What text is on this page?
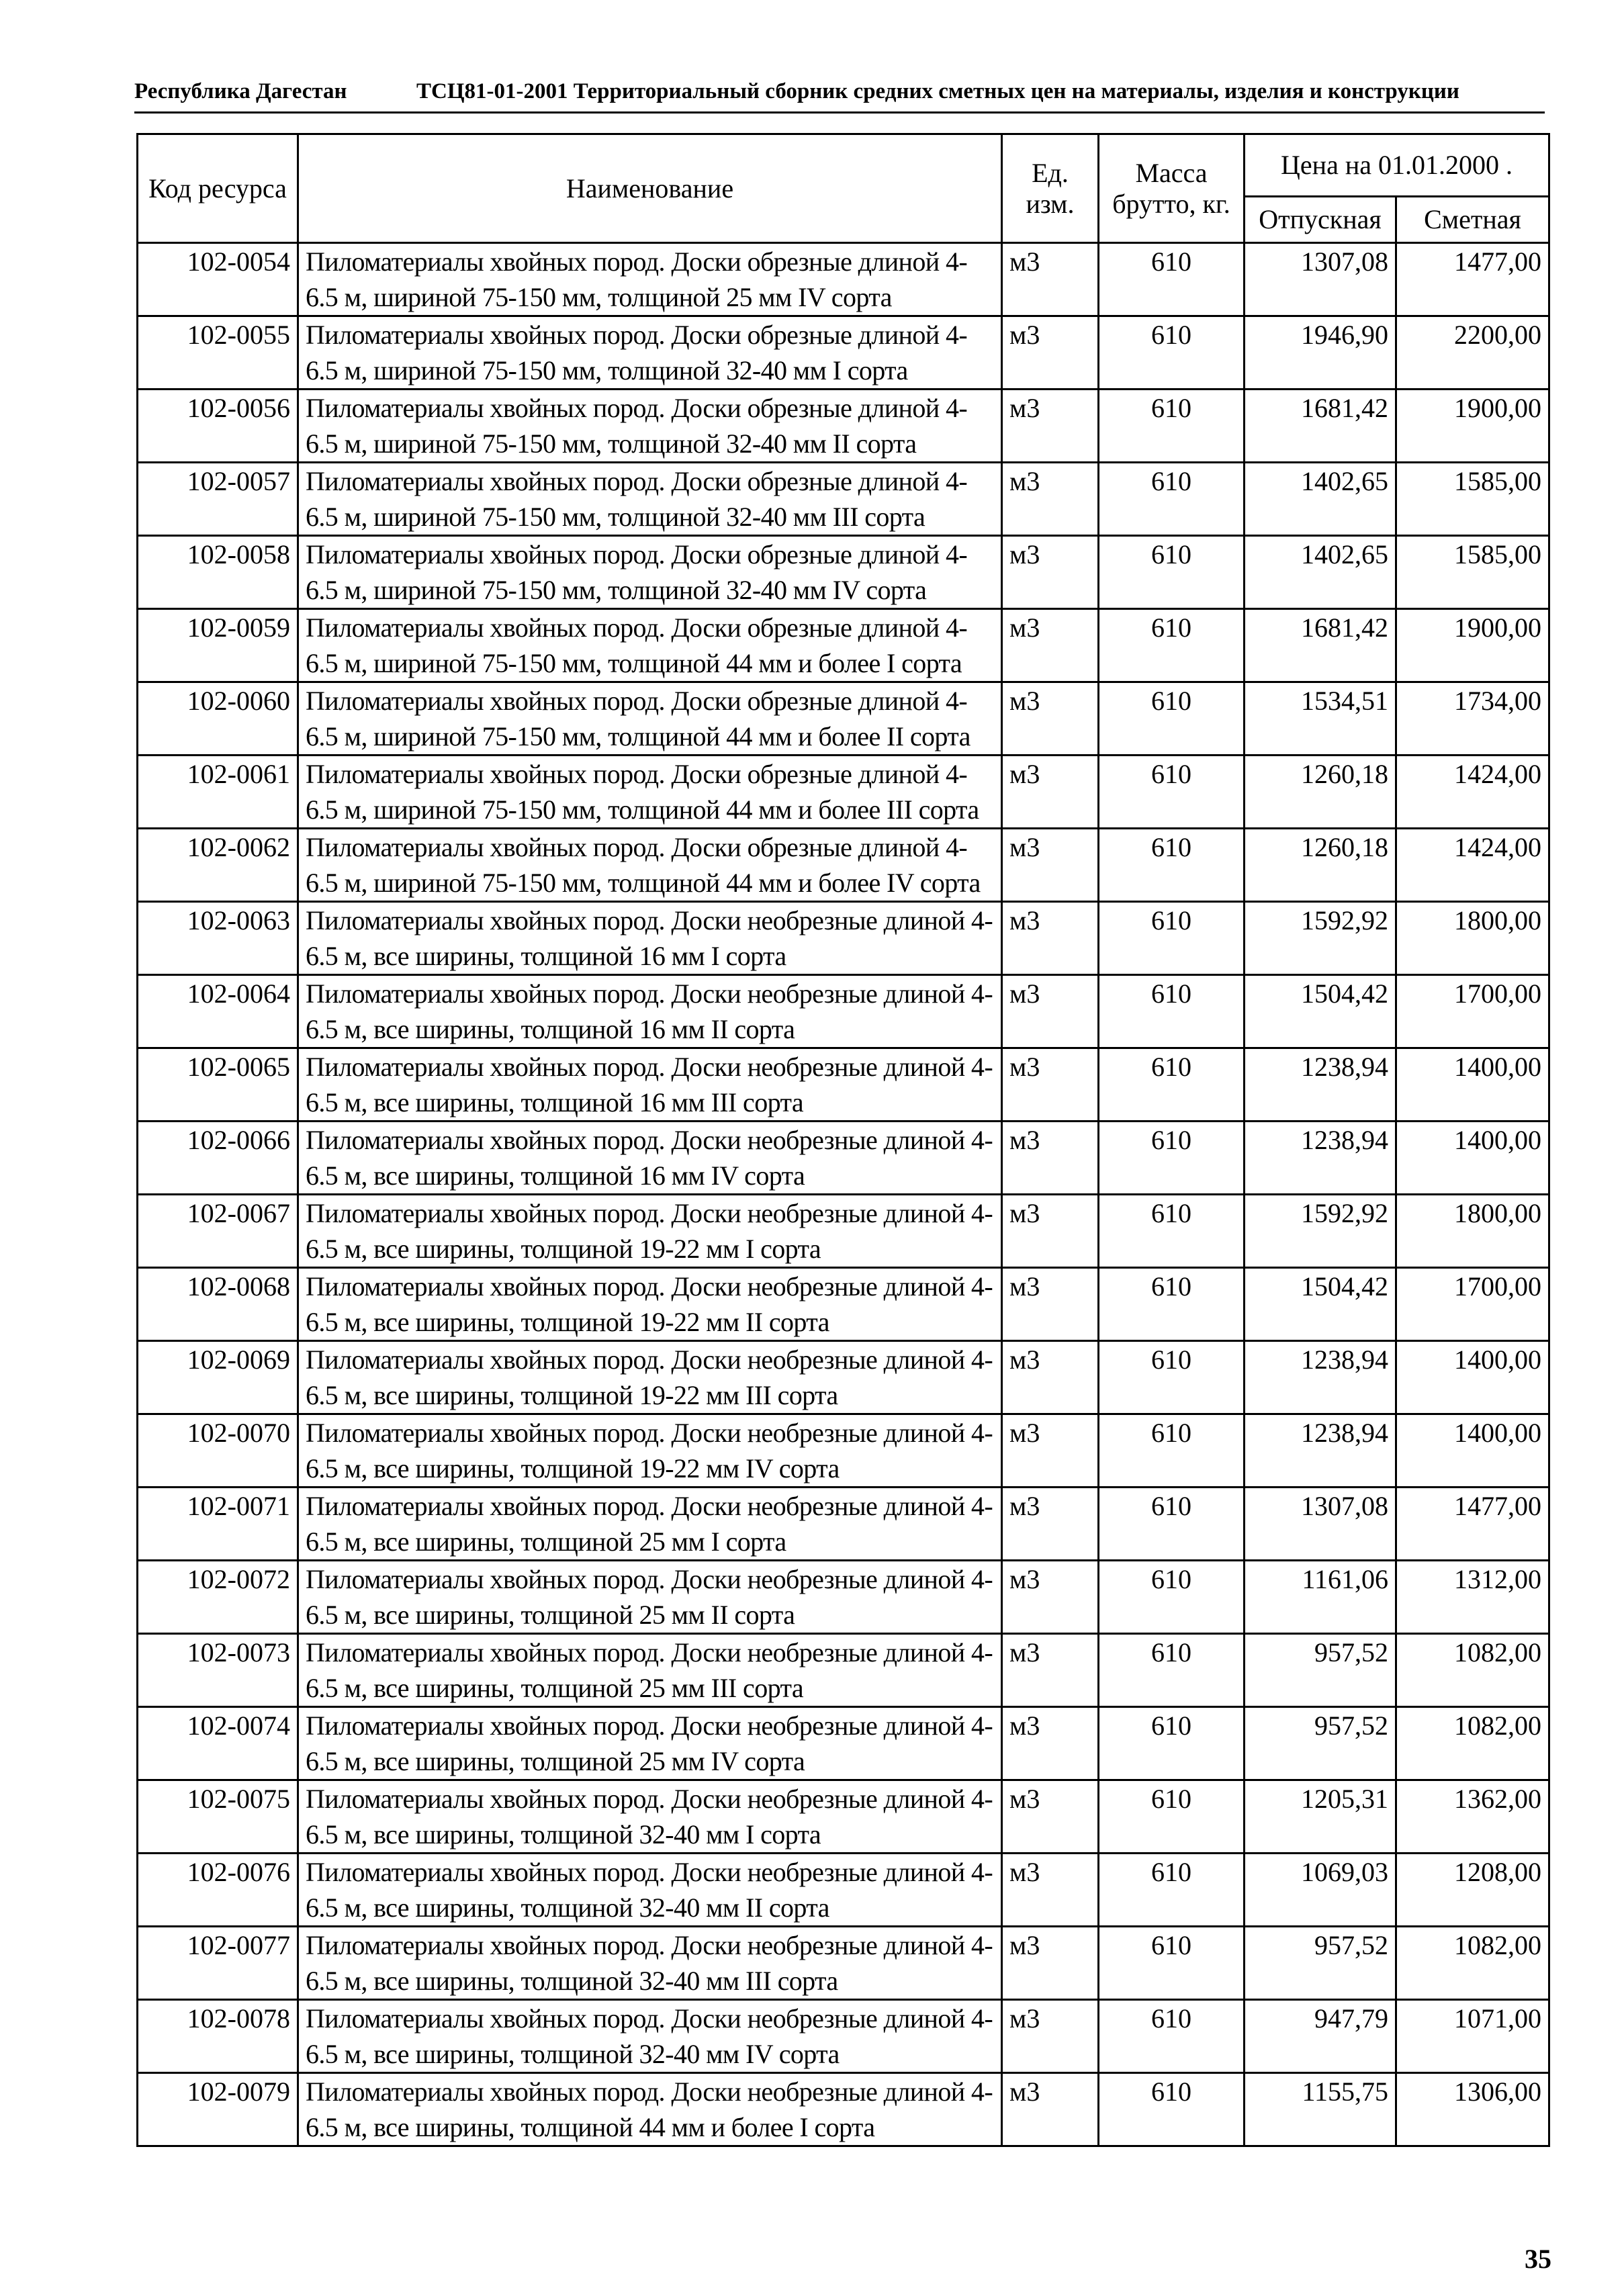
Республика Дагестан	ТСЦ81-01-2001 Территориальный сборник средних сметных цен на материалы, изделия и конструкции
Код ресурса	Наименование	Ед. изм.	Масса брутто, кг.	Цена на 01.01.2000 .	
				Отпускная	Сметная
102-0054	Пиломатериалы хвойных пород. Доски обрезные длиной 4-6.5 м, шириной 75-150 мм, толщиной 25 мм IV сорта	м3	610	1307,08	1477,00
102-0055	Пиломатериалы хвойных пород. Доски обрезные длиной 4-6.5 м, шириной 75-150 мм, толщиной 32-40 мм I сорта	м3	610	1946,90	2200,00
102-0056	Пиломатериалы хвойных пород. Доски обрезные длиной 4-6.5 м, шириной 75-150 мм, толщиной 32-40 мм II сорта	м3	610	1681,42	1900,00
102-0057	Пиломатериалы хвойных пород. Доски обрезные длиной 4-6.5 м, шириной 75-150 мм, толщиной 32-40 мм III сорта	м3	610	1402,65	1585,00
102-0058	Пиломатериалы хвойных пород. Доски обрезные длиной 4-6.5 м, шириной 75-150 мм, толщиной 32-40 мм IV сорта	м3	610	1402,65	1585,00
102-0059	Пиломатериалы хвойных пород. Доски обрезные длиной 4-6.5 м, шириной 75-150 мм, толщиной 44 мм и более I сорта	м3	610	1681,42	1900,00
102-0060	Пиломатериалы хвойных пород. Доски обрезные длиной 4-6.5 м, шириной 75-150 мм, толщиной 44 мм и более II сорта	м3	610	1534,51	1734,00
102-0061	Пиломатериалы хвойных пород. Доски обрезные длиной 4-6.5 м, шириной 75-150 мм, толщиной 44 мм и более III сорта	м3	610	1260,18	1424,00
102-0062	Пиломатериалы хвойных пород. Доски обрезные длиной 4-6.5 м, шириной 75-150 мм, толщиной 44 мм и более IV сорта	м3	610	1260,18	1424,00
102-0063	Пиломатериалы хвойных пород. Доски необрезные длиной 4-6.5 м, все ширины, толщиной 16 мм I сорта	м3	610	1592,92	1800,00
102-0064	Пиломатериалы хвойных пород. Доски необрезные длиной 4-6.5 м, все ширины, толщиной 16 мм II сорта	м3	610	1504,42	1700,00
102-0065	Пиломатериалы хвойных пород. Доски необрезные длиной 4-6.5 м, все ширины, толщиной 16 мм III сорта	м3	610	1238,94	1400,00
102-0066	Пиломатериалы хвойных пород. Доски необрезные длиной 4-6.5 м, все ширины, толщиной 16 мм IV сорта	м3	610	1238,94	1400,00
102-0067	Пиломатериалы хвойных пород. Доски необрезные длиной 4-6.5 м, все ширины, толщиной 19-22 мм I сорта	м3	610	1592,92	1800,00
102-0068	Пиломатериалы хвойных пород. Доски необрезные длиной 4-6.5 м, все ширины, толщиной 19-22 мм II сорта	м3	610	1504,42	1700,00
102-0069	Пиломатериалы хвойных пород. Доски необрезные длиной 4-6.5 м, все ширины, толщиной 19-22 мм III сорта	м3	610	1238,94	1400,00
102-0070	Пиломатериалы хвойных пород. Доски необрезные длиной 4-6.5 м, все ширины, толщиной 19-22 мм IV сорта	м3	610	1238,94	1400,00
102-0071	Пиломатериалы хвойных пород. Доски необрезные длиной 4-6.5 м, все ширины, толщиной 25 мм I сорта	м3	610	1307,08	1477,00
102-0072	Пиломатериалы хвойных пород. Доски необрезные длиной 4-6.5 м, все ширины, толщиной 25 мм II сорта	м3	610	1161,06	1312,00
102-0073	Пиломатериалы хвойных пород. Доски необрезные длиной 4-6.5 м, все ширины, толщиной 25 мм III сорта	м3	610	957,52	1082,00
102-0074	Пиломатериалы хвойных пород. Доски необрезные длиной 4-6.5 м, все ширины, толщиной 25 мм IV сорта	м3	610	957,52	1082,00
102-0075	Пиломатериалы хвойных пород. Доски необрезные длиной 4-6.5 м, все ширины, толщиной 32-40 мм I сорта	м3	610	1205,31	1362,00
102-0076	Пиломатериалы хвойных пород. Доски необрезные длиной 4-6.5 м, все ширины, толщиной 32-40 мм II сорта	м3	610	1069,03	1208,00
102-0077	Пиломатериалы хвойных пород. Доски необрезные длиной 4-6.5 м, все ширины, толщиной 32-40 мм III сорта	м3	610	957,52	1082,00
102-0078	Пиломатериалы хвойных пород. Доски необрезные длиной 4-6.5 м, все ширины, толщиной 32-40 мм IV сорта	м3	610	947,79	1071,00
102-0079	Пиломатериалы хвойных пород. Доски необрезные длиной 4-6.5 м, все ширины, толщиной 44 мм и более I сорта	м3	610	1155,75	1306,00
35
